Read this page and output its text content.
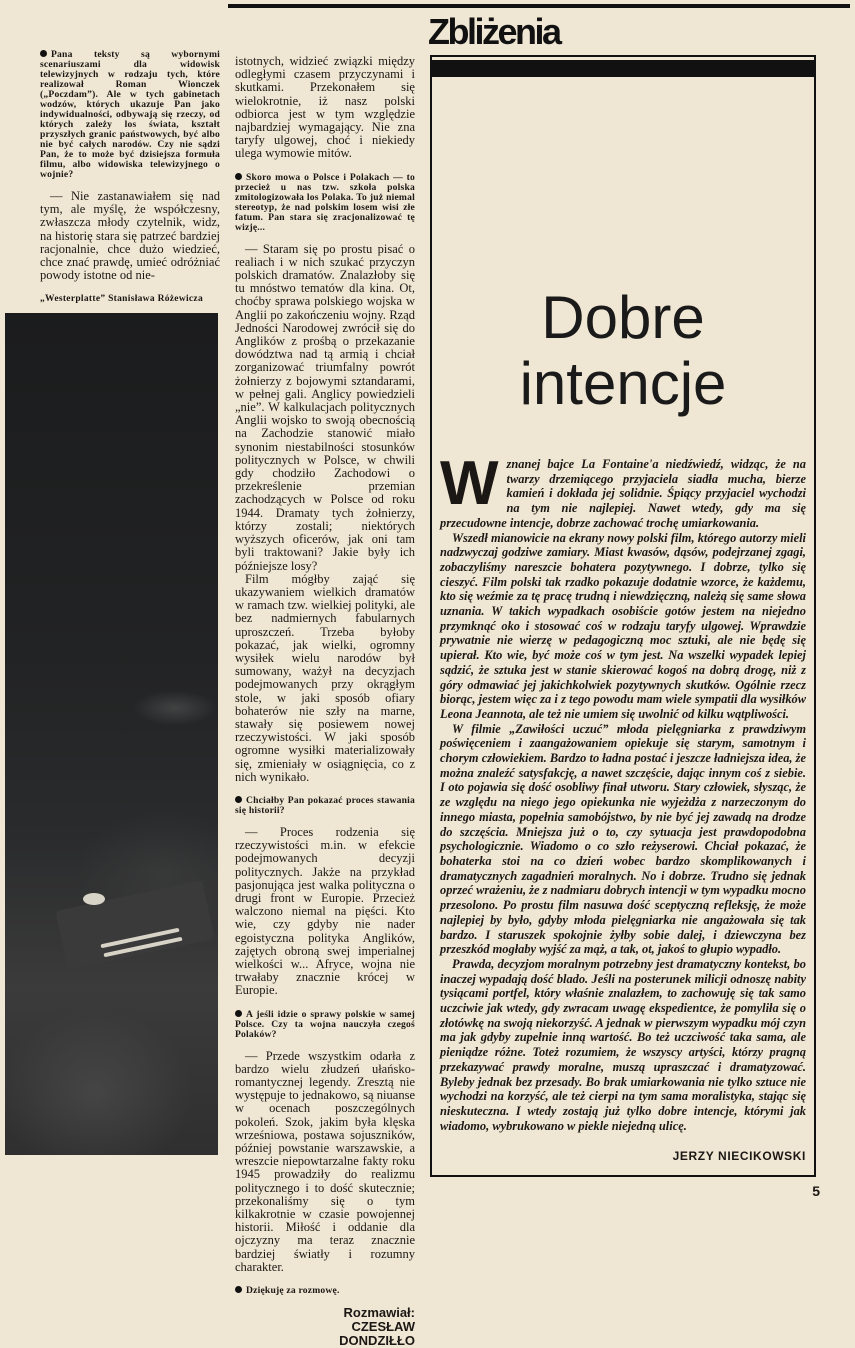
Zbliżenia

Pana teksty są wybornymi scenariuszami dla widowisk telewizyjnych w rodzaju tych, które realizował Roman Wionczek („Poczdam”). Ale w tych gabinetach wodzów, których ukazuje Pan jako indywidualności, odbywają się rzeczy, od których zależy los świata, kształt przyszłych granic państwowych, być albo nie być całych narodów. Czy nie sądzi Pan, że to może być dzisiejsza formuła filmu, albo widowiska telewizyjnego o wojnie?

— Nie zastanawiałem się nad tym, ale myślę, że współczesny, zwłaszcza młody czytelnik, widz, na historię stara się patrzeć bardziej racjonalnie, chce dużo wiedzieć, chce znać prawdę, umieć odróżniać powody istotne od nie-

„Westerplatte” Stanisława Różewicza

istotnych, widzieć związki między odległymi czasem przyczynami i skutkami. Przekonałem się wielokrotnie, iż nasz polski odbiorca jest w tym względzie najbardziej wymagający. Nie zna taryfy ulgowej, choć i niekiedy ulega wymowie mitów.

Skoro mowa o Polsce i Polakach — to przecież u nas tzw. szkoła polska zmitologizowała los Polaka. To już niemal stereotyp, że nad polskim losem wisi złe fatum. Pan stara się zracjonalizować tę wizję...

— Staram się po prostu pisać o realiach i w nich szukać przyczyn polskich dramatów. Znalazłoby się tu mnóstwo tematów dla kina. Ot, choćby sprawa polskiego wojska w Anglii po zakończeniu wojny. Rząd Jedności Narodowej zwrócił się do Anglików z prośbą o przekazanie dowództwa nad tą armią i chciał zorganizować triumfalny powrót żołnierzy z bojowymi sztandarami, w pełnej gali. Anglicy powiedzieli „nie”. W kalkulacjach politycznych Anglii wojsko to swoją obecnością na Zachodzie stanowić miało synonim niestabilności stosunków politycznych w Polsce, w chwili gdy chodziło Zachodowi o przekreślenie przemian zachodzących w Polsce od roku 1944. Dramaty tych żołnierzy, którzy zostali; niektórych wyższych oficerów, jak oni tam byli traktowani? Jakie były ich późniejsze losy?

Film mógłby zająć się ukazywaniem wielkich dramatów w ramach tzw. wielkiej polityki, ale bez nadmiernych fabularnych uproszczeń. Trzeba byłoby pokazać, jak wielki, ogromny wysiłek wielu narodów był sumowany, ważył na decyzjach podejmowanych przy okrągłym stole, w jaki sposób ofiary bohaterów nie szły na marne, stawały się posiewem nowej rzeczywistości. W jaki sposób ogromne wysiłki materializowały się, zmieniały w osiągnięcia, co z nich wynikało.

Chciałby Pan pokazać proces stawania się historii?

— Proces rodzenia się rzeczywistości m.in. w efekcie podejmowanych decyzji politycznych. Jakże na przykład pasjonująca jest walka polityczna o drugi front w Europie. Przecież walczono niemal na pięści. Kto wie, czy gdyby nie nader egoistyczna polityka Anglików, zajętych obroną swej imperialnej wielkości w... Afryce, wojna nie trwałaby znacznie krócej w Europie.

A jeśli idzie o sprawy polskie w samej Polsce. Czy ta wojna nauczyła czegoś Polaków?

— Przede wszystkim odarła z bardzo wielu złudzeń ułańsko-romantycznej legendy. Zresztą nie występuje to jednakowo, są niuanse w ocenach poszczególnych pokoleń. Szok, jakim była klęska wrześniowa, postawa sojuszników, później powstanie warszawskie, a wreszcie niepowtarzalne fakty roku 1945 prowadziły do realizmu politycznego i to dość skutecznie; przekonaliśmy się o tym kilkakrotnie w czasie powojennej historii. Miłość i oddanie dla ojczyzny ma teraz znacznie bardziej światły i rozumny charakter.

Dziękuję za rozmowę.

Rozmawiał:
CZESŁAW
DONDZIŁŁO
Dobre
intencje

Wznanej bajce La Fontaine'a niedźwiedź, widząc, że na twarzy drzemiącego przyjaciela siadła mucha, bierze kamień i dokłada jej solidnie. Śpiący przyjaciel wychodzi na tym nie najlepiej. Nawet wtedy, gdy ma się przecudowne intencje, dobrze zachować trochę umiarkowania.

Wszedł mianowicie na ekrany nowy polski film, którego autorzy mieli nadzwyczaj godziwe zamiary. Miast kwasów, dąsów, podejrzanej zgagi, zobaczyliśmy nareszcie bohatera pozytywnego. I dobrze, tylko się cieszyć. Film polski tak rzadko pokazuje dodatnie wzorce, że każdemu, kto się weźmie za tę pracę trudną i niewdzięczną, należą się same słowa uznania. W takich wypadkach osobiście gotów jestem na niejedno przymknąć oko i stosować coś w rodzaju taryfy ulgowej. Wprawdzie prywatnie nie wierzę w pedagogiczną moc sztuki, ale nie będę się upierał. Kto wie, być może coś w tym jest. Na wszelki wypadek lepiej sądzić, że sztuka jest w stanie skierować kogoś na dobrą drogę, niż z góry odmawiać jej jakichkolwiek pozytywnych skutków. Ogólnie rzecz biorąc, jestem więc za i z tego powodu mam wiele sympatii dla wysiłków Leona Jeannota, ale też nie umiem się uwolnić od kilku wątpliwości.

W filmie „Zawiłości uczuć” młoda pielęgniarka z prawdziwym poświęceniem i zaangażowaniem opiekuje się starym, samotnym i chorym człowiekiem. Bardzo to ładna postać i jeszcze ładniejsza idea, że można znaleźć satysfakcję, a nawet szczęście, dając innym coś z siebie. I oto pojawia się dość osobliwy finał utworu. Stary człowiek, słysząc, że ze względu na niego jego opiekunka nie wyjeżdża z narzeczonym do innego miasta, popełnia samobójstwo, by nie być jej zawadą na drodze do szczęścia. Mniejsza już o to, czy sytuacja jest prawdopodobna psychologicznie. Wiadomo o co szło reżyserowi. Chciał pokazać, że bohaterka stoi na co dzień wobec bardzo skomplikowanych i dramatycznych zagadnień moralnych. No i dobrze. Trudno się jednak oprzeć wrażeniu, że z nadmiaru dobrych intencji w tym wypadku mocno przesolono. Po prostu film nasuwa dość sceptyczną refleksję, że może najlepiej by było, gdyby młoda pielęgniarka nie angażowała się tak bardzo. I staruszek spokojnie żyłby sobie dalej, i dziewczyna bez przeszkód mogłaby wyjść za mąż, a tak, ot, jakoś to głupio wypadło.

Prawda, decyzjom moralnym potrzebny jest dramatyczny kontekst, bo inaczej wypadają dość blado. Jeśli na posterunek milicji odnoszę nabity tysiącami portfel, który właśnie znalazłem, to zachowuję się tak samo uczciwie jak wtedy, gdy zwracam uwagę ekspedientce, że pomyliła się o złotówkę na swoją niekorzyść. A jednak w pierwszym wypadku mój czyn ma jak gdyby zupełnie inną wartość. Bo też uczciwość taka sama, ale pieniądze różne. Toteż rozumiem, że wszyscy artyści, którzy pragną przekazywać prawdy moralne, muszą upraszczać i dramatyzować. Byleby jednak bez przesady. Bo brak umiarkowania nie tylko sztuce nie wychodzi na korzyść, ale też cierpi na tym sama moralistyka, stając się nieskuteczna. I wtedy zostają już tylko dobre intencje, którymi jak wiadomo, wybrukowano w piekle niejedną ulicę.

JERZY NIECIKOWSKI
5
